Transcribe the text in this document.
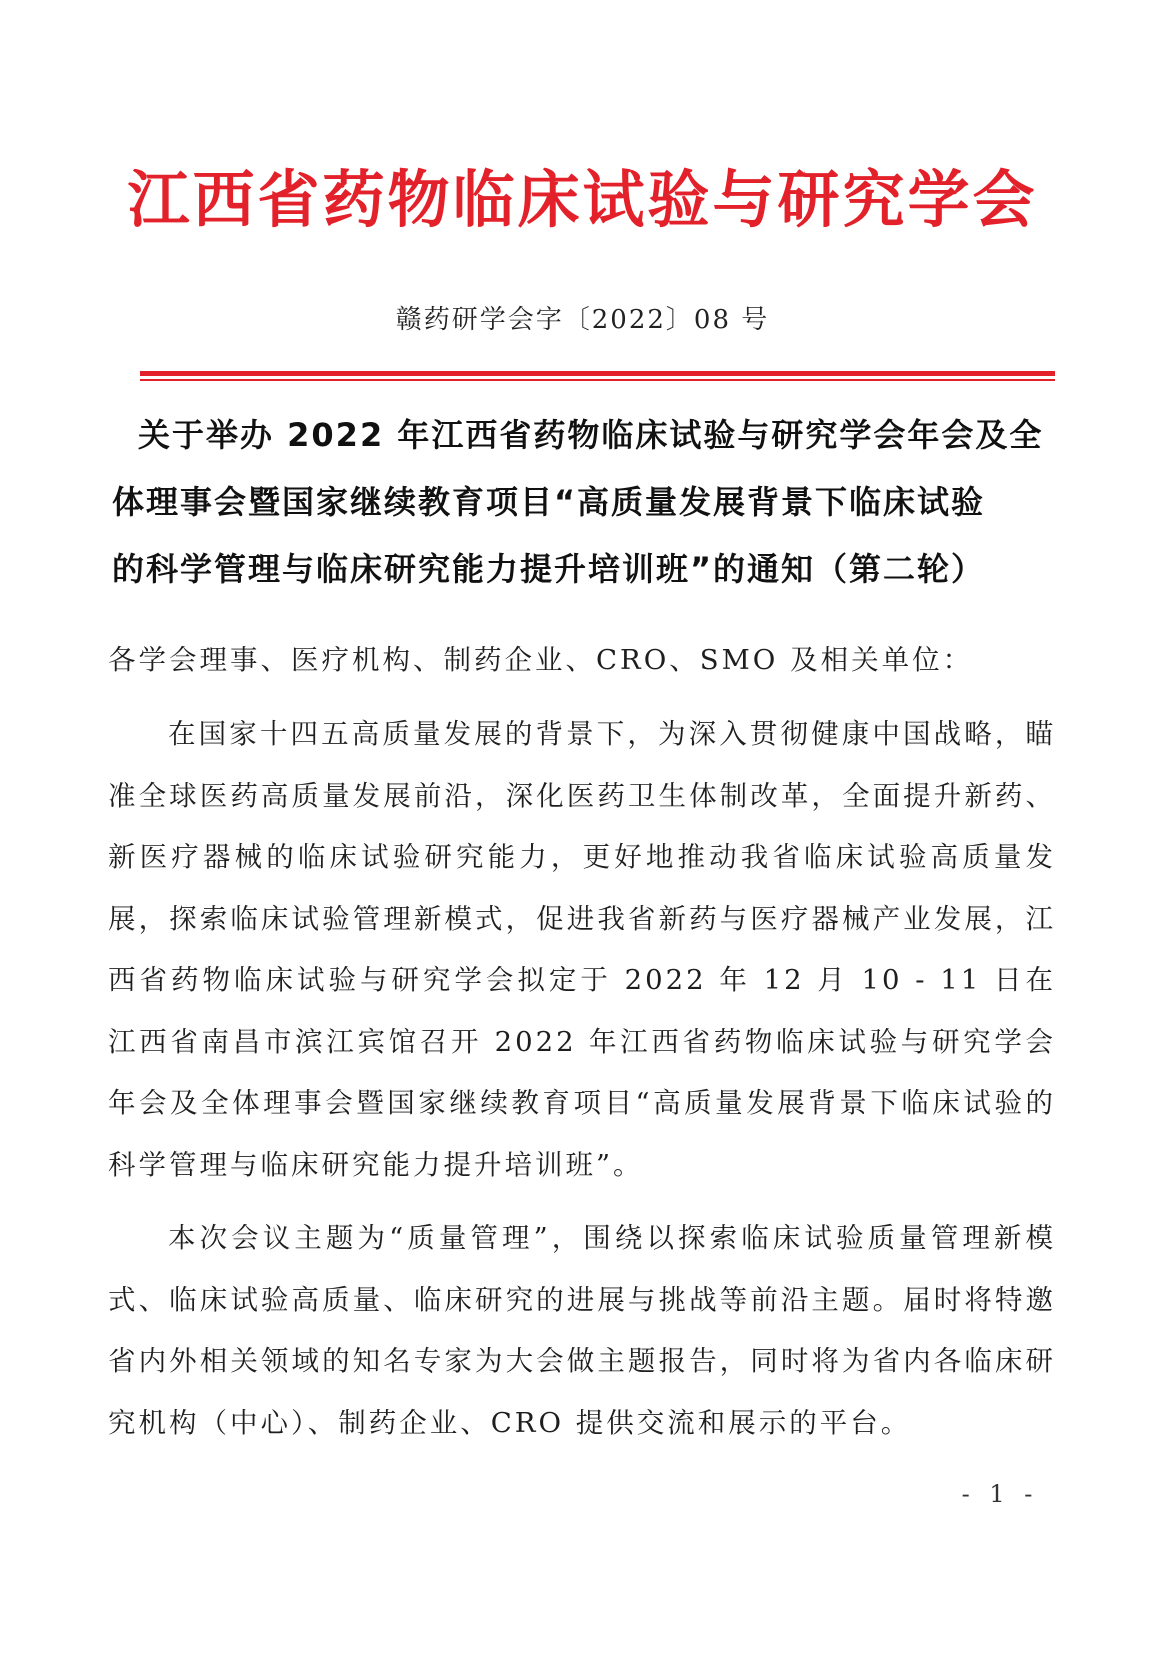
江西省药物临床试验与研究学会
赣药研学会字〔2022〕08 号
关于举办 2022 年江西省药物临床试验与研究学会年会及全
体理事会暨国家继续教育项目“高质量发展背景下临床试验
的科学管理与临床研究能力提升培训班”的通知（第二轮）
各学会理事、医疗机构、制药企业、CRO、SMO 及相关单位：
在国家十四五高质量发展的背景下，为深入贯彻健康中国战略，瞄准全球医药高质量发展前沿，深化医药卫生体制改革，全面提升新药、新医疗器械的临床试验研究能力，更好地推动我省临床试验高质量发展，探索临床试验管理新模式，促进我省新药与医疗器械产业发展，江西省药物临床试验与研究学会拟定于 2022 年 12 月 10 - 11 日在江西省南昌市滨江宾馆召开 2022 年江西省药物临床试验与研究学会年会及全体理事会暨国家继续教育项目“高质量发展背景下临床试验的科学管理与临床研究能力提升培训班”。
本次会议主题为“质量管理”，围绕以探索临床试验质量管理新模式、临床试验高质量、临床研究的进展与挑战等前沿主题。届时将特邀省内外相关领域的知名专家为大会做主题报告，同时将为省内各临床研究机构（中心）、制药企业、CRO 提供交流和展示的平台。
- 1 -
